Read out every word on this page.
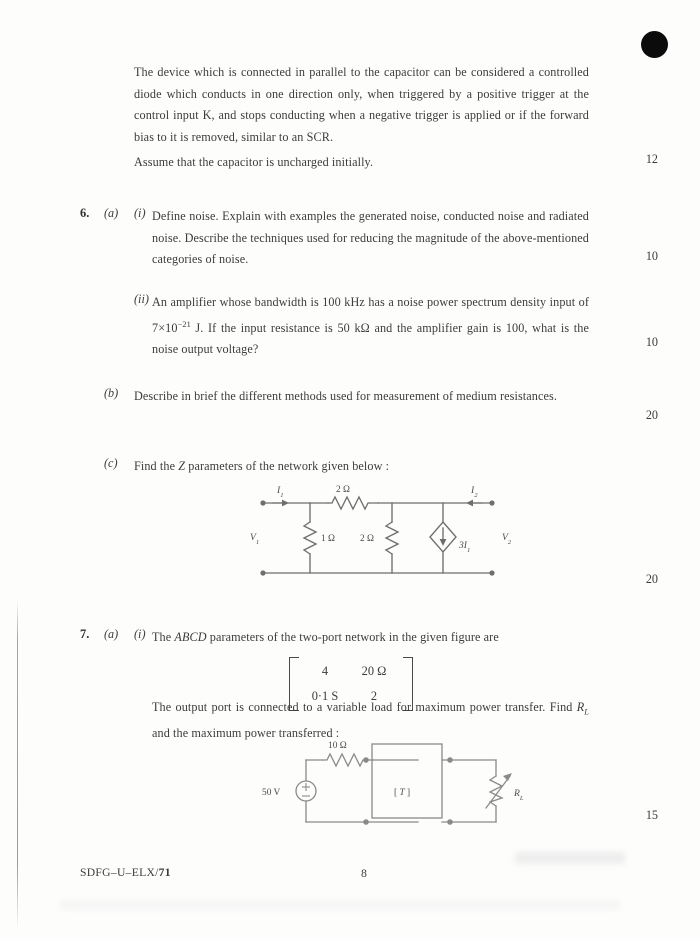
The device which is connected in parallel to the capacitor can be considered a controlled diode which conducts in one direction only, when triggered by a positive trigger at the control input K, and stops conducting when a negative trigger is applied or if the forward bias to it is removed, similar to an SCR.
Assume that the capacitor is uncharged initially.	12
6. (a) (i) Define noise. Explain with examples the generated noise, conducted noise and radiated noise. Describe the techniques used for reducing the magnitude of the above-mentioned categories of noise.	10
(ii) An amplifier whose bandwidth is 100 kHz has a noise power spectrum density input of $7\times 10^{-21}$ J. If the input resistance is 50 kΩ and the amplifier gain is 100, what is the noise output voltage?
10
(b) Describe in brief the different methods used for measurement of medium resistances.
20
(c) Find the Z parameters of the network given below :
20
$I_1$	2 Ω	$I_2$
$V_1$	1 Ω	2 Ω
$3I_1$
$V_2$
7. (a) (i) The ABCD parameters of the two-port network in the given figure are
4	20 Ω
0·1 S	2
The output port is connected to a variable load for maximum power transfer. Find $R_L$ and the maximum power transferred :
15
10 Ω
50 V	[ T ]	$R_L$
SDFG–U–ELX/71	8
